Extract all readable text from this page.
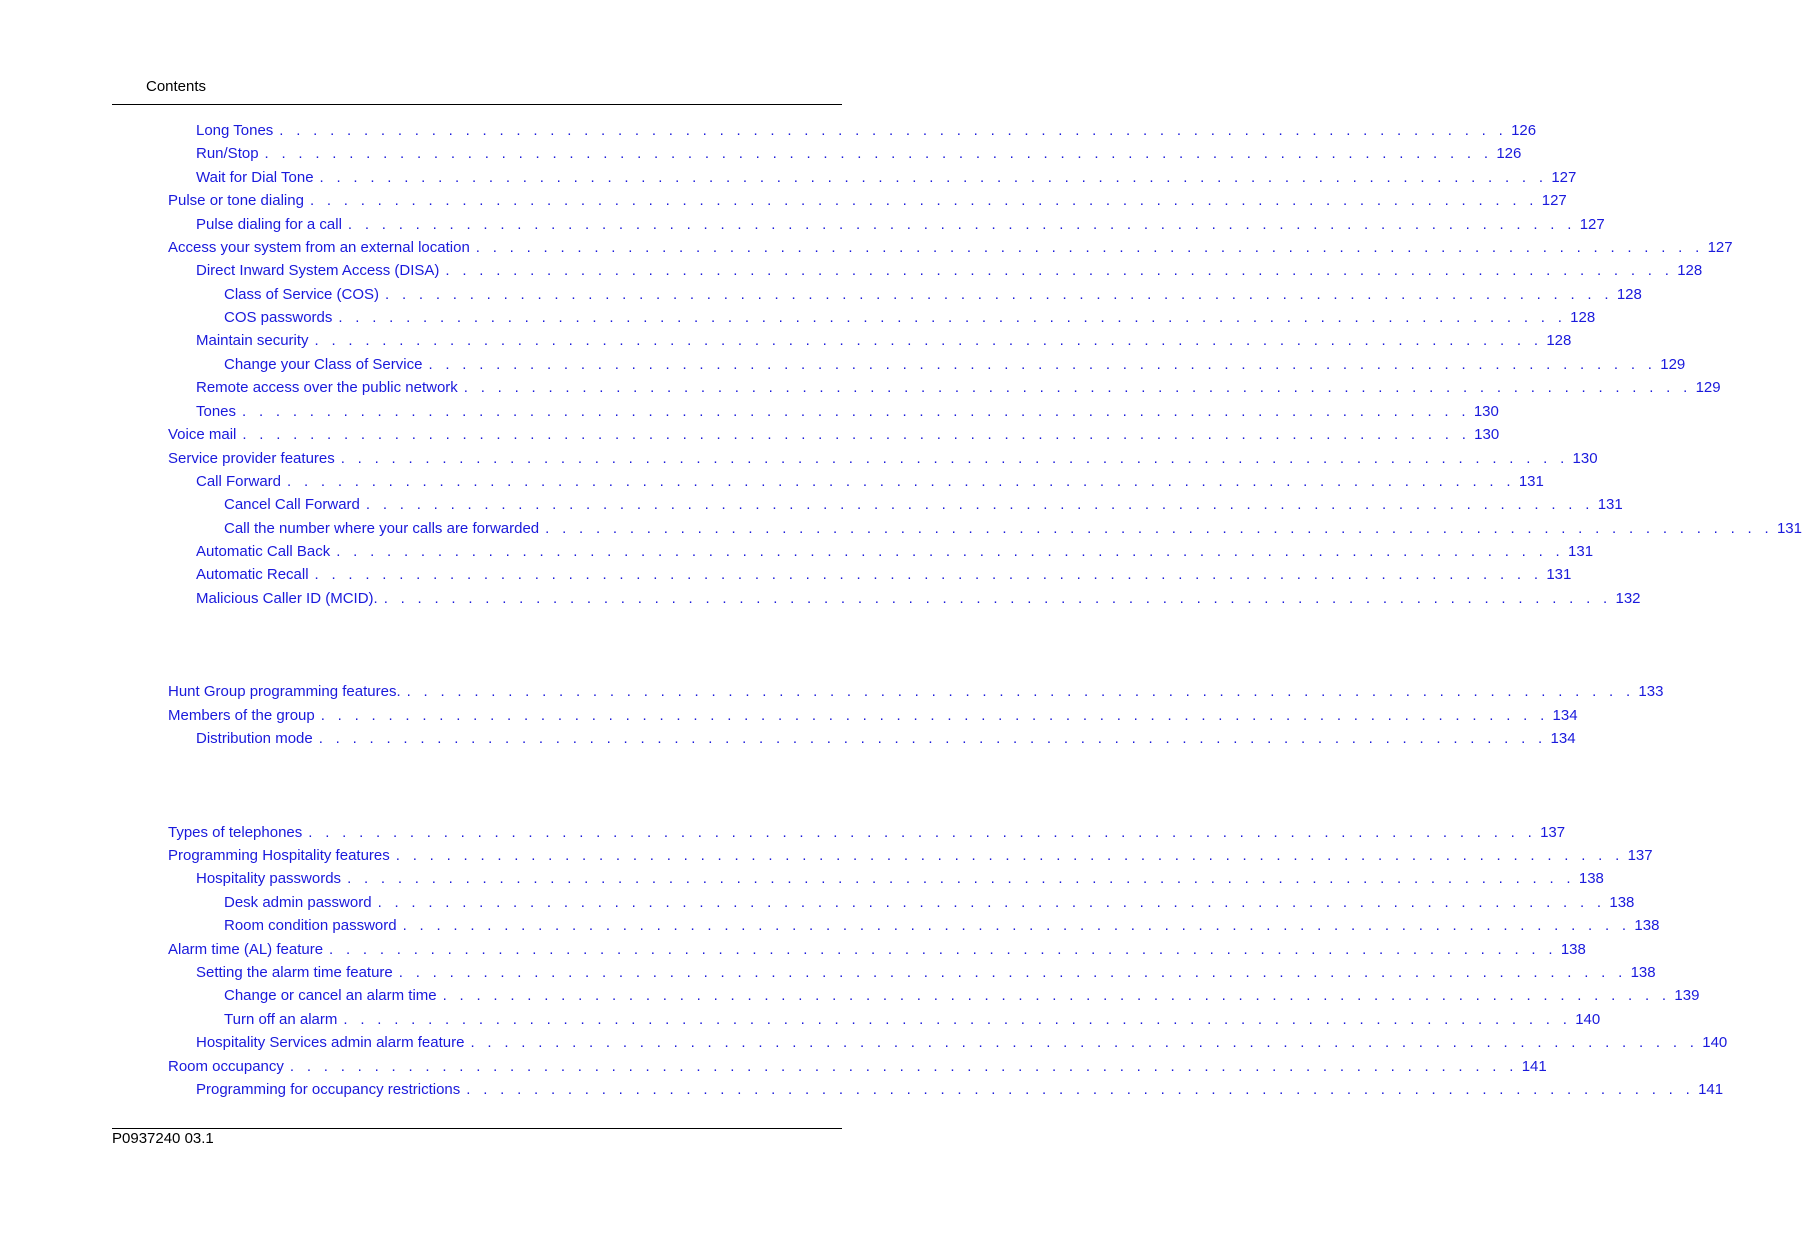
Contents
Long Tones . . . . . . . . . . . . . . . . . . . . . . . . . . . . . . . . . . . . . . . . . . . . . . . . . . . . . . . . . . . . . . . . . . . . . . . . . 126
Run/Stop . . . . . . . . . . . . . . . . . . . . . . . . . . . . . . . . . . . . . . . . . . . . . . . . . . . . . . . . . . . . . . . . . . . . . . . . . 126
Wait for Dial Tone . . . . . . . . . . . . . . . . . . . . . . . . . . . . . . . . . . . . . . . . . . . . . . . . . . . . . . . . . . . . . . . . . . . . . . . . . 127
Pulse or tone dialing . . . . . . . . . . . . . . . . . . . . . . . . . . . . . . . . . . . . . . . . . . . . . . . . . . . . . . . . . . . . . . . . . . . . . . . . . 127
Pulse dialing for a call . . . . . . . . . . . . . . . . . . . . . . . . . . . . . . . . . . . . . . . . . . . . . . . . . . . . . . . . . . . . . . . . . . . . . . . . . 127
Access your system from an external location . . . . . . . . . . . . . . . . . . . . . . . . . . . . . . . . . . . . . . . . . . . . . . . . . . . . . . . . . . . . . . . . . . . . . . . . . 127
Direct Inward System Access (DISA) . . . . . . . . . . . . . . . . . . . . . . . . . . . . . . . . . . . . . . . . . . . . . . . . . . . . . . . . . . . . . . . . . . . . . . . . . 128
Class of Service (COS) . . . . . . . . . . . . . . . . . . . . . . . . . . . . . . . . . . . . . . . . . . . . . . . . . . . . . . . . . . . . . . . . . . . . . . . . . 128
COS passwords . . . . . . . . . . . . . . . . . . . . . . . . . . . . . . . . . . . . . . . . . . . . . . . . . . . . . . . . . . . . . . . . . . . . . . . . . 128
Maintain security . . . . . . . . . . . . . . . . . . . . . . . . . . . . . . . . . . . . . . . . . . . . . . . . . . . . . . . . . . . . . . . . . . . . . . . . . 128
Change your Class of Service . . . . . . . . . . . . . . . . . . . . . . . . . . . . . . . . . . . . . . . . . . . . . . . . . . . . . . . . . . . . . . . . . . . . . . . . . 129
Remote access over the public network . . . . . . . . . . . . . . . . . . . . . . . . . . . . . . . . . . . . . . . . . . . . . . . . . . . . . . . . . . . . . . . . . . . . . . . . . 129
Tones . . . . . . . . . . . . . . . . . . . . . . . . . . . . . . . . . . . . . . . . . . . . . . . . . . . . . . . . . . . . . . . . . . . . . . . . . 130
Voice mail . . . . . . . . . . . . . . . . . . . . . . . . . . . . . . . . . . . . . . . . . . . . . . . . . . . . . . . . . . . . . . . . . . . . . . . . . 130
Service provider features . . . . . . . . . . . . . . . . . . . . . . . . . . . . . . . . . . . . . . . . . . . . . . . . . . . . . . . . . . . . . . . . . . . . . . . . . 130
Call Forward . . . . . . . . . . . . . . . . . . . . . . . . . . . . . . . . . . . . . . . . . . . . . . . . . . . . . . . . . . . . . . . . . . . . . . . . . 131
Cancel Call Forward . . . . . . . . . . . . . . . . . . . . . . . . . . . . . . . . . . . . . . . . . . . . . . . . . . . . . . . . . . . . . . . . . . . . . . . . . 131
Call the number where your calls are forwarded . . . . . . . . . . . . . . . . . . . . . . . . . . . . . . . . . . . . . . . . . . . . . . . . . . . . . . . . . . . . . . . . . . . . . . . . . 131
Automatic Call Back . . . . . . . . . . . . . . . . . . . . . . . . . . . . . . . . . . . . . . . . . . . . . . . . . . . . . . . . . . . . . . . . . . . . . . . . . 131
Automatic Recall . . . . . . . . . . . . . . . . . . . . . . . . . . . . . . . . . . . . . . . . . . . . . . . . . . . . . . . . . . . . . . . . . . . . . . . . . 131
Malicious Caller ID (MCID). . . . . . . . . . . . . . . . . . . . . . . . . . . . . . . . . . . . . . . . . . . . . . . . . . . . . . . . . . . . . . . . . . . . . . . . . . 132
Hunt Group programming features. . . . . . . . . . . . . . . . . . . . . . . . . . . . . . . . . . . . . . . . . . . . . . . . . . . . . . . . . . . . . . . . . . . . . . . . . . 133
Members of the group . . . . . . . . . . . . . . . . . . . . . . . . . . . . . . . . . . . . . . . . . . . . . . . . . . . . . . . . . . . . . . . . . . . . . . . . . 134
Distribution mode . . . . . . . . . . . . . . . . . . . . . . . . . . . . . . . . . . . . . . . . . . . . . . . . . . . . . . . . . . . . . . . . . . . . . . . . . 134
Types of telephones . . . . . . . . . . . . . . . . . . . . . . . . . . . . . . . . . . . . . . . . . . . . . . . . . . . . . . . . . . . . . . . . . . . . . . . . . 137
Programming Hospitality features . . . . . . . . . . . . . . . . . . . . . . . . . . . . . . . . . . . . . . . . . . . . . . . . . . . . . . . . . . . . . . . . . . . . . . . . . 137
Hospitality passwords . . . . . . . . . . . . . . . . . . . . . . . . . . . . . . . . . . . . . . . . . . . . . . . . . . . . . . . . . . . . . . . . . . . . . . . . . 138
Desk admin password . . . . . . . . . . . . . . . . . . . . . . . . . . . . . . . . . . . . . . . . . . . . . . . . . . . . . . . . . . . . . . . . . . . . . . . . . 138
Room condition password . . . . . . . . . . . . . . . . . . . . . . . . . . . . . . . . . . . . . . . . . . . . . . . . . . . . . . . . . . . . . . . . . . . . . . . . . 138
Alarm time (AL) feature . . . . . . . . . . . . . . . . . . . . . . . . . . . . . . . . . . . . . . . . . . . . . . . . . . . . . . . . . . . . . . . . . . . . . . . . . 138
Setting the alarm time feature . . . . . . . . . . . . . . . . . . . . . . . . . . . . . . . . . . . . . . . . . . . . . . . . . . . . . . . . . . . . . . . . . . . . . . . . . 138
Change or cancel an alarm time . . . . . . . . . . . . . . . . . . . . . . . . . . . . . . . . . . . . . . . . . . . . . . . . . . . . . . . . . . . . . . . . . . . . . . . . . 139
Turn off an alarm . . . . . . . . . . . . . . . . . . . . . . . . . . . . . . . . . . . . . . . . . . . . . . . . . . . . . . . . . . . . . . . . . . . . . . . . . 140
Hospitality Services admin alarm feature . . . . . . . . . . . . . . . . . . . . . . . . . . . . . . . . . . . . . . . . . . . . . . . . . . . . . . . . . . . . . . . . . . . . . . . . . 140
Room occupancy . . . . . . . . . . . . . . . . . . . . . . . . . . . . . . . . . . . . . . . . . . . . . . . . . . . . . . . . . . . . . . . . . . . . . . . . . 141
Programming for occupancy restrictions . . . . . . . . . . . . . . . . . . . . . . . . . . . . . . . . . . . . . . . . . . . . . . . . . . . . . . . . . . . . . . . . . . . . . . . . . 141
P0937240 03.1
